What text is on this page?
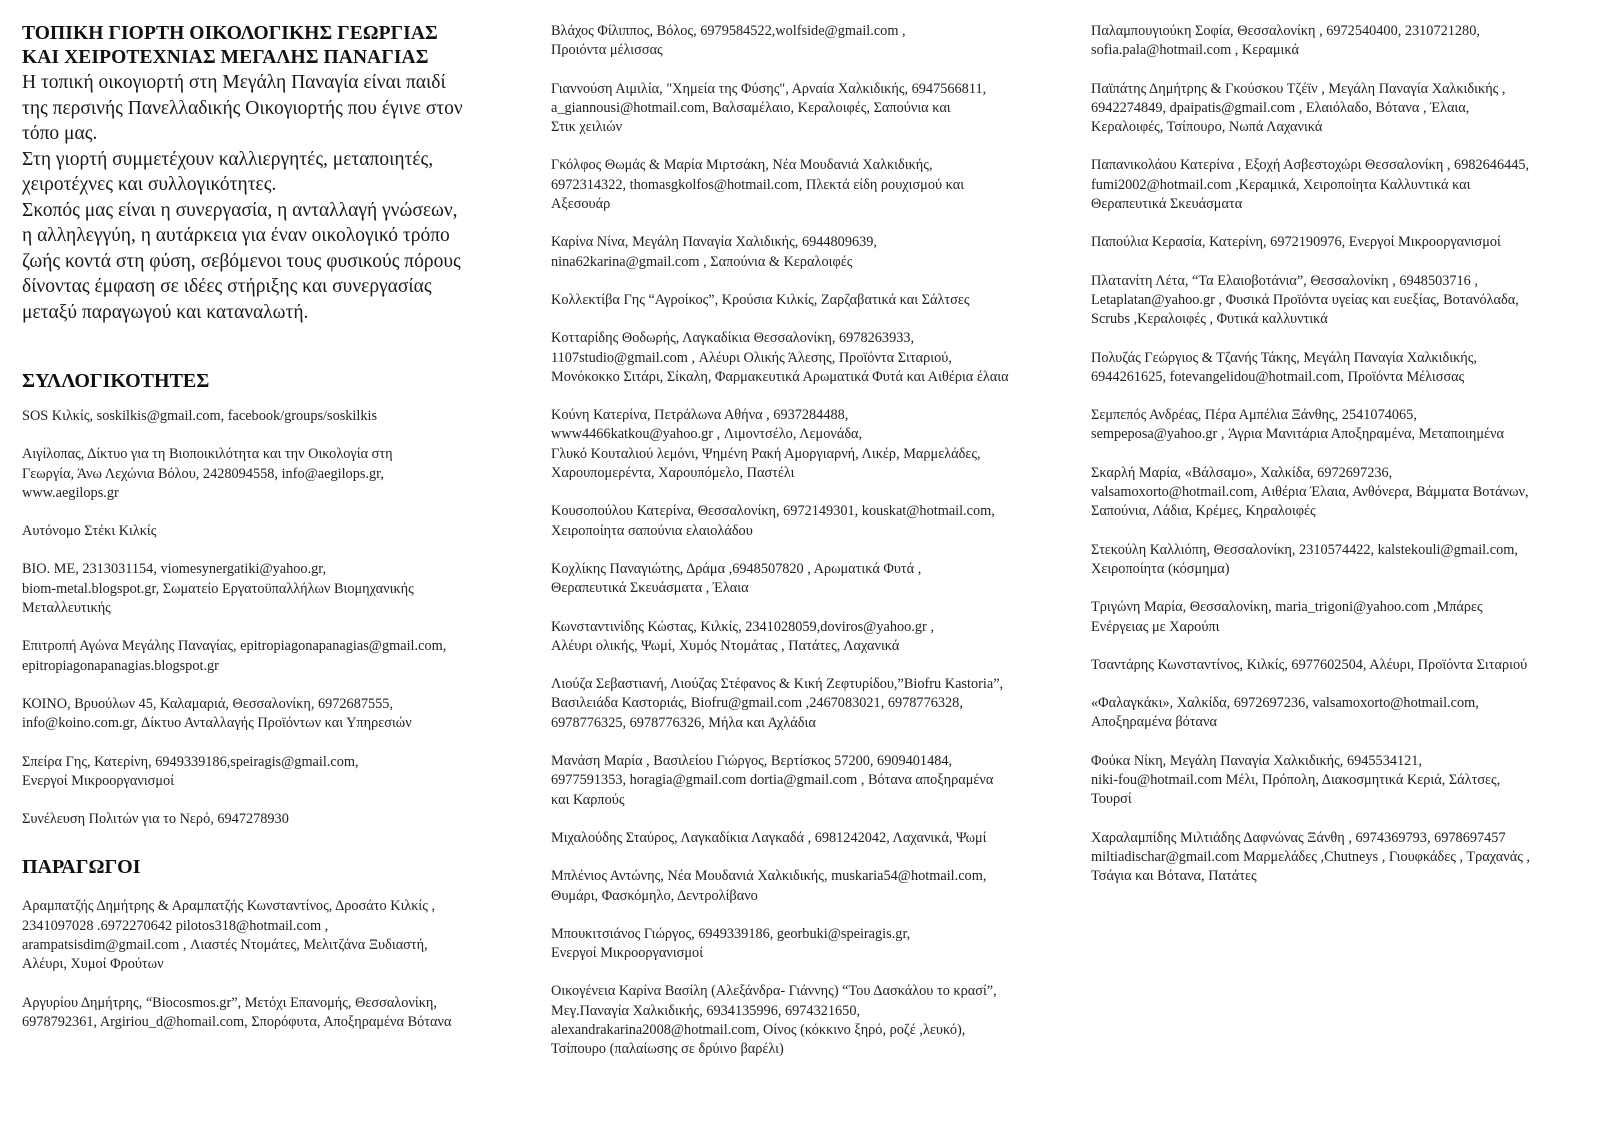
ΤΟΠΙΚΗ ΓΙΟΡΤΗ ΟΙΚΟΛΟΓΙΚΗΣ ΓΕΩΡΓΙΑΣ
ΚΑΙ ΧΕΙΡΟΤΕΧΝΙΑΣ ΜΕΓΑΛΗΣ ΠΑΝΑΓΙΑΣ

Η τοπική οικογιορτή στη Μεγάλη Παναγία είναι παιδί

της περσινής Πανελλαδικής Οικογιορτής που έγινε στον

τόπο μας.

Στη γιορτή συμμετέχουν καλλιεργητές, μεταποιητές,

χειροτέχνες και συλλογικότητες.

Σκοπός μας είναι η συνεργασία, η ανταλλαγή γνώσεων,

η αλληλεγγύη, η αυτάρκεια για έναν οικολογικό τρόπο

ζωής κοντά στη φύση, σεβόμενοι τους φυσικούς πόρους

δίνοντας έμφαση σε ιδέες στήριξης και συνεργασίας

μεταξύ παραγωγού και καταναλωτή.

ΣΥΛΛΟΓΙΚΟΤΗΤΕΣ
SOS Κιλκίς, soskilkis@gmail.com, facebook/groups/soskilkis
Αιγίλοπας, Δίκτυο για τη Βιοποικιλότητα και την Οικολογία στη
Γεωργία, Άνω Λεχώνια Βόλου, 2428094558, info@aegilops.gr,
www.aegilops.gr
Αυτόνομο Στέκι Κιλκίς
ΒΙΟ. ΜΕ, 2313031154, viomesynergatiki@yahoo.gr,
biom-metal.blogspot.gr, Σωματείο Εργατοϋπαλλήλων Βιομηχανικής
Μεταλλευτικής
Επιτροπή Αγώνα Μεγάλης Παναγίας, epitropiagonapanagias@gmail.com,
epitropiagonapanagias.blogspot.gr
ΚΟΙΝΟ, Βρυούλων 45, Καλαμαριά, Θεσσαλονίκη, 6972687555,
info@koino.com.gr, Δίκτυο Ανταλλαγής Προϊόντων και Υπηρεσιών
Σπείρα Γης, Κατερίνη, 6949339186,speiragis@gmail.com,
Ενεργοί Μικροοργανισμοί
Συνέλευση Πολιτών για το Νερό, 6947278930
ΠΑΡΑΓΩΓΟΙ
Αραμπατζής Δημήτρης & Αραμπατζής Κωνσταντίνος, Δροσάτο Κιλκίς ,
2341097028 .6972270642 pilotos318@hotmail.com ,
arampatsisdim@gmail.com , Λιαστές Ντομάτες, Μελιτζάνα Ξυδιαστή,
Αλέυρι, Χυμοί Φρούτων
Αργυρίου Δημήτρης, “Biocosmos.gr”, Μετόχι Επανομής, Θεσσαλονίκη,
6978792361, Argiriou_d@homail.com, Σπορόφυτα, Αποξηραμένα Βότανα
Βλάχος Φίλιππος, Βόλος, 6979584522,wolfside@gmail.com ,
Προιόντα μέλισσας
Γιαννούση Αιμιλία, "Χημεία της Φύσης", Αρναία Χαλκιδικής, 6947566811,
a_giannousi@hotmail.com, Βαλσαμέλαιο, Κεραλοιφές, Σαπούνια και
Στικ χειλιών
Γκόλφος Θωμάς & Μαρία Μιρτσάκη, Νέα Μουδανιά Χαλκιδικής,
6972314322, thomasgkolfos@hotmail.com, Πλεκτά είδη ρουχισμού και
Αξεσουάρ
Καρίνα Νίνα, Μεγάλη Παναγία Χαλιδικής, 6944809639,
nina62karina@gmail.com , Σαπούνια & Κεραλοιφές
Κολλεκτίβα Γης “Αγροίκος”, Κρούσια Κιλκίς, Ζαρζαβατικά και Σάλτσες
Κοτταρίδης Θοδωρής, Λαγκαδίκια Θεσσαλονίκη, 6978263933,
1107studio@gmail.com , Αλέυρι Ολικής Άλεσης, Προϊόντα Σιταριού,
Μονόκοκκο Σιτάρι, Σίκαλη, Φαρμακευτικά Αρωματικά Φυτά και Αιθέρια έλαια
Κούνη Κατερίνα, Πετράλωνα Αθήνα , 6937284488,
www4466katkou@yahoo.gr , Λιμοντσέλο, Λεμονάδα,
Γλυκό Κουταλιού λεμόνι, Ψημένη Ρακή Αμοργιαρνή, Λικέρ, Μαρμελάδες,
Χαρουπομερέντα, Χαρουπόμελο, Παστέλι
Κουσοπούλου Κατερίνα, Θεσσαλονίκη, 6972149301, kouskat@hotmail.com,
Χειροποίητα σαπούνια ελαιολάδου
Κοχλίκης Παναγιώτης, Δράμα ,6948507820 , Αρωματικά Φυτά ,
Θεραπευτικά Σκευάσματα , Έλαια
Κωνσταντινίδης Κώστας, Κιλκίς, 2341028059,doviros@yahoo.gr ,
Αλέυρι ολικής, Ψωμί, Χυμός Ντομάτας , Πατάτες, Λαχανικά
Λιούζα Σεβαστιανή, Λιούζας Στέφανος & Κική Ζεφτυρίδου,”Biofru Kastoria”,
Βασιλειάδα Καστοριάς, Biofru@gmail.com ,2467083021, 6978776328,
6978776325, 6978776326, Μήλα και Αχλάδια
Μανάση Μαρία , Βασιλείου Γιώργος, Βερτίσκος 57200, 6909401484,
6977591353, horagia@gmail.com dortia@gmail.com , Βότανα αποξηραμένα
και Καρπούς
Μιχαλούδης Σταύρος, Λαγκαδίκια Λαγκαδά , 6981242042, Λαχανικά, Ψωμί
Μπλένιος Αντώνης, Νέα Μουδανιά Χαλκιδικής, muskaria54@hotmail.com,
Θυμάρι, Φασκόμηλο, Δεντρολίβανο
Μπουκιτσιάνος Γιώργος, 6949339186, georbuki@speiragis.gr,
Ενεργοί Μικροοργανισμοί
Οικογένεια Καρίνα Βασίλη (Αλεξάνδρα- Γιάννης) “Του Δασκάλου το κρασί”,
Μεγ.Παναγία Χαλκιδικής, 6934135996, 6974321650,
alexandrakarina2008@hotmail.com, Οίνος (κόκκινο ξηρό, ροζέ ,λευκό),
Τσίπουρο (παλαίωσης σε δρύινο βαρέλι)
Παλαμπουγιούκη Σοφία, Θεσσαλονίκη , 6972540400, 2310721280,
sofia.pala@hotmail.com , Κεραμικά
Παϊπάτης Δημήτρης & Γκούσκου Τζέϊν , Μεγάλη Παναγία Χαλκιδικής ,
6942274849, dpaipatis@gmail.com , Ελαιόλαδο, Βότανα , Έλαια,
Κεραλοιφές, Τσίπουρο, Νωπά Λαχανικά
Παπανικολάου Κατερίνα , Εξοχή Ασβεστοχώρι Θεσσαλονίκη , 6982646445,
fumi2002@hotmail.com ,Κεραμικά, Χειροποίητα Καλλυντικά και
Θεραπευτικά Σκευάσματα
Παπούλια Κερασία, Κατερίνη, 6972190976, Ενεργοί Μικροοργανισμοί
Πλατανίτη Λέτα, “Τα Ελαιοβοτάνια”, Θεσσαλονίκη , 6948503716 ,
Letaplatan@yahoo.gr , Φυσικά Προϊόντα υγείας και ευεξίας, Βοτανόλαδα,
Scrubs ,Κεραλοιφές , Φυτικά καλλυντικά
Πολυζάς Γεώργιος & Τζανής Τάκης, Μεγάλη Παναγία Χαλκιδικής,
6944261625, fotevangelidou@hotmail.com, Προϊόντα Μέλισσας
Σεμπεπός Ανδρέας, Πέρα Αμπέλια Ξάνθης, 2541074065,
sempeposa@yahoo.gr , Άγρια Μανιτάρια Αποξηραμένα, Μεταποιημένα
Σκαρλή Μαρία, «Βάλσαμο», Χαλκίδα, 6972697236,
valsamoxorto@hotmail.com, Αιθέρια Έλαια, Ανθόνερα, Βάμματα Βοτάνων,
Σαπούνια, Λάδια, Κρέμες, Κηραλοιφές
Στεκούλη Καλλιόπη, Θεσσαλονίκη, 2310574422, kalstekouli@gmail.com,
Χειροποίητα (κόσμημα)
Τριγώνη Μαρία, Θεσσαλονίκη, maria_trigoni@yahoo.com ,Μπάρες
Ενέργειας με Χαρούπι
Τσαντάρης Κωνσταντίνος, Κιλκίς, 6977602504, Αλέυρι, Προϊόντα Σιταριού
«Φαλαγκάκι», Χαλκίδα, 6972697236, valsamoxorto@hotmail.com,
Αποξηραμένα βότανα
Φούκα Νίκη, Μεγάλη Παναγία Χαλκιδικής, 6945534121,
niki-fou@hotmail.com Μέλι, Πρόπολη, Διακοσμητικά Κεριά, Σάλτσες,
Τουρσί
Χαραλαμπίδης Μιλτιάδης Δαφνώνας Ξάνθη , 6974369793, 6978697457
miltiadischar@gmail.com Μαρμελάδες ,Chutneys , Γιουφκάδες , Τραχανάς ,
Τσάγια και Βότανα, Πατάτες
